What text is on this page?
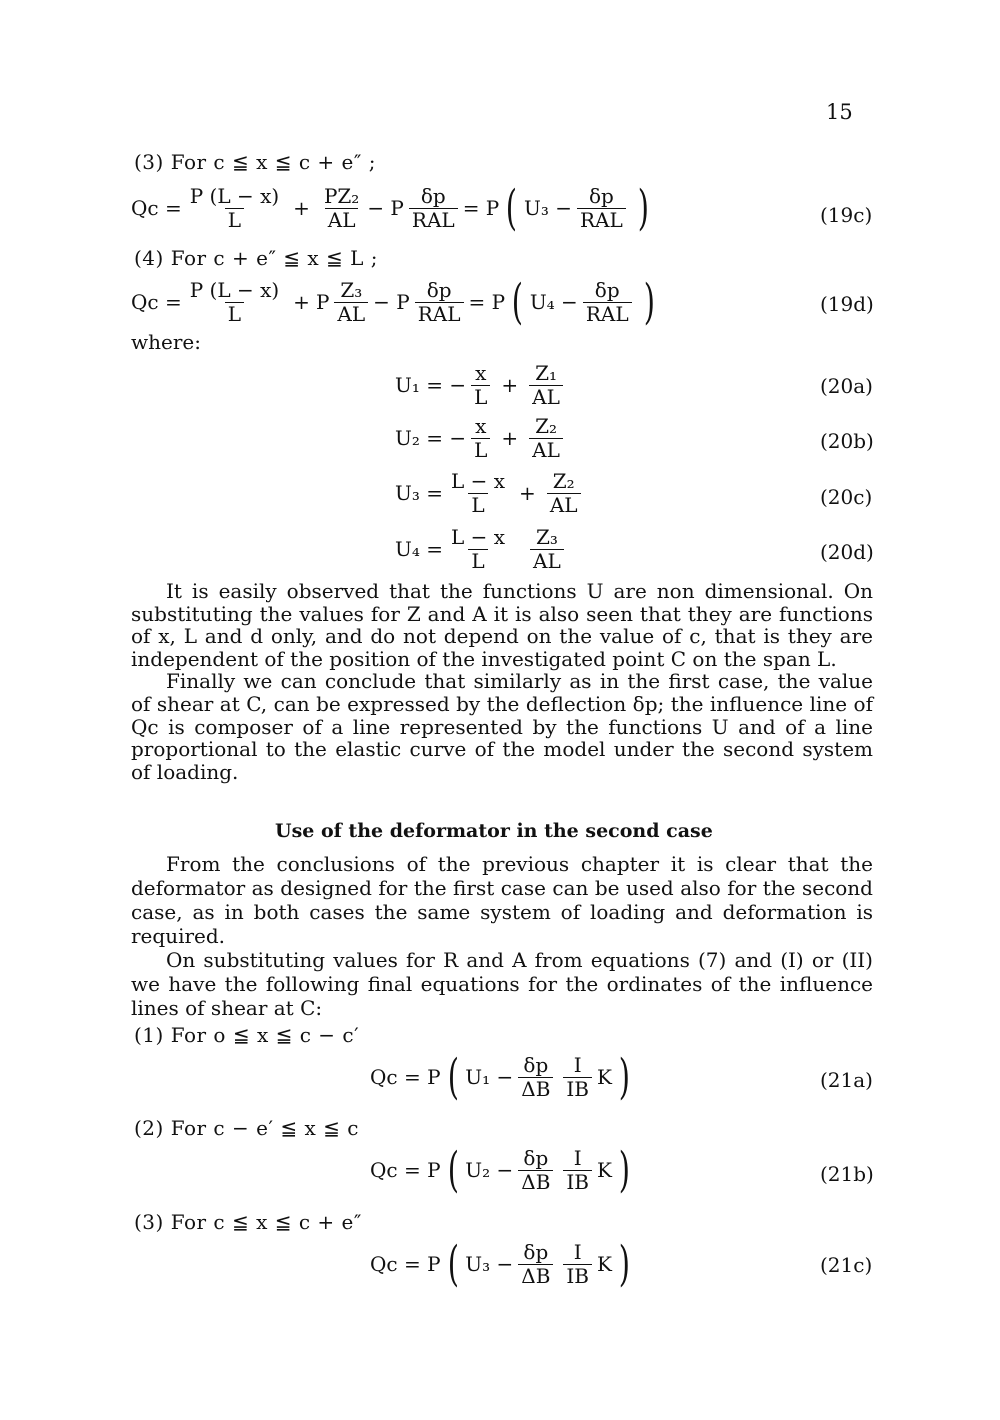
15
(3) For c ≦ x ≦ c + e″ ;
$Qc = \frac{P (L - x)}{L} + \frac{\text{PZ₂}}{AL} - P$
δp
RAL = P ( U₃ −
δp
RAL )	(19c)
(4) For c + e″ ≦ x ≦ L ;
$Qc = \frac{P (L - x)}{L} + P$
Z₃
AL − P
δp
RAL = P ( U₄ −
δp
RAL )	(19d)
where:
U₁ = − $\frac{x}{L} + \frac{\text{Z₁}}{AL}$	(20a)
U₂ = − $\frac{x}{L} + \frac{\text{Z₂}}{AL}$	(20b)
$U_3 = \frac{L - x}{L} + \frac{\text{Z₂}}{AL}$	(20c)
$U_4 = \frac{L - x}{L} Z_3$
AL	(20d)

It is easily observed that the functions U are non dimensional. On substituting the values for Z and A it is also seen that they are functions of x, L and d only, and do not depend on the value of c, that is they are independent of the position of the investigated point C on the span L.

Finally we can conclude that similarly as in the first case, the value of shear at C, can be expressed by the deflection δp; the influence line of Qc is composer of a line represented by the functions U and of a line proportional to the elastic curve of the model under the second system of loading.

Use of the deformator in the second case

From the conclusions of the previous chapter it is clear that the deformator as designed for the first case can be used also for the second case, as in both cases the same system of loading and deformation is required.

On substituting values for R and A from equations (7) and (I) or (II) we have the following final equations for the ordinates of the influence lines of shear at C:

(1) For o ≦ x ≦ c − c′
Qc = P ( $U_1 - \frac{\delta p}{\Delta B}$ I
IB K )	(21a)
(2) For c − e′ ≦ x ≦ c
Qc = P ( $U_2 - \frac{\delta p}{\Delta B}$ I
IB K )	(21b)
(3) For c ≦ x ≦ c + e″
Qc = P ( $U_3 - \frac{\delta p}{\Delta B}$ I
IB K )	(21c)
